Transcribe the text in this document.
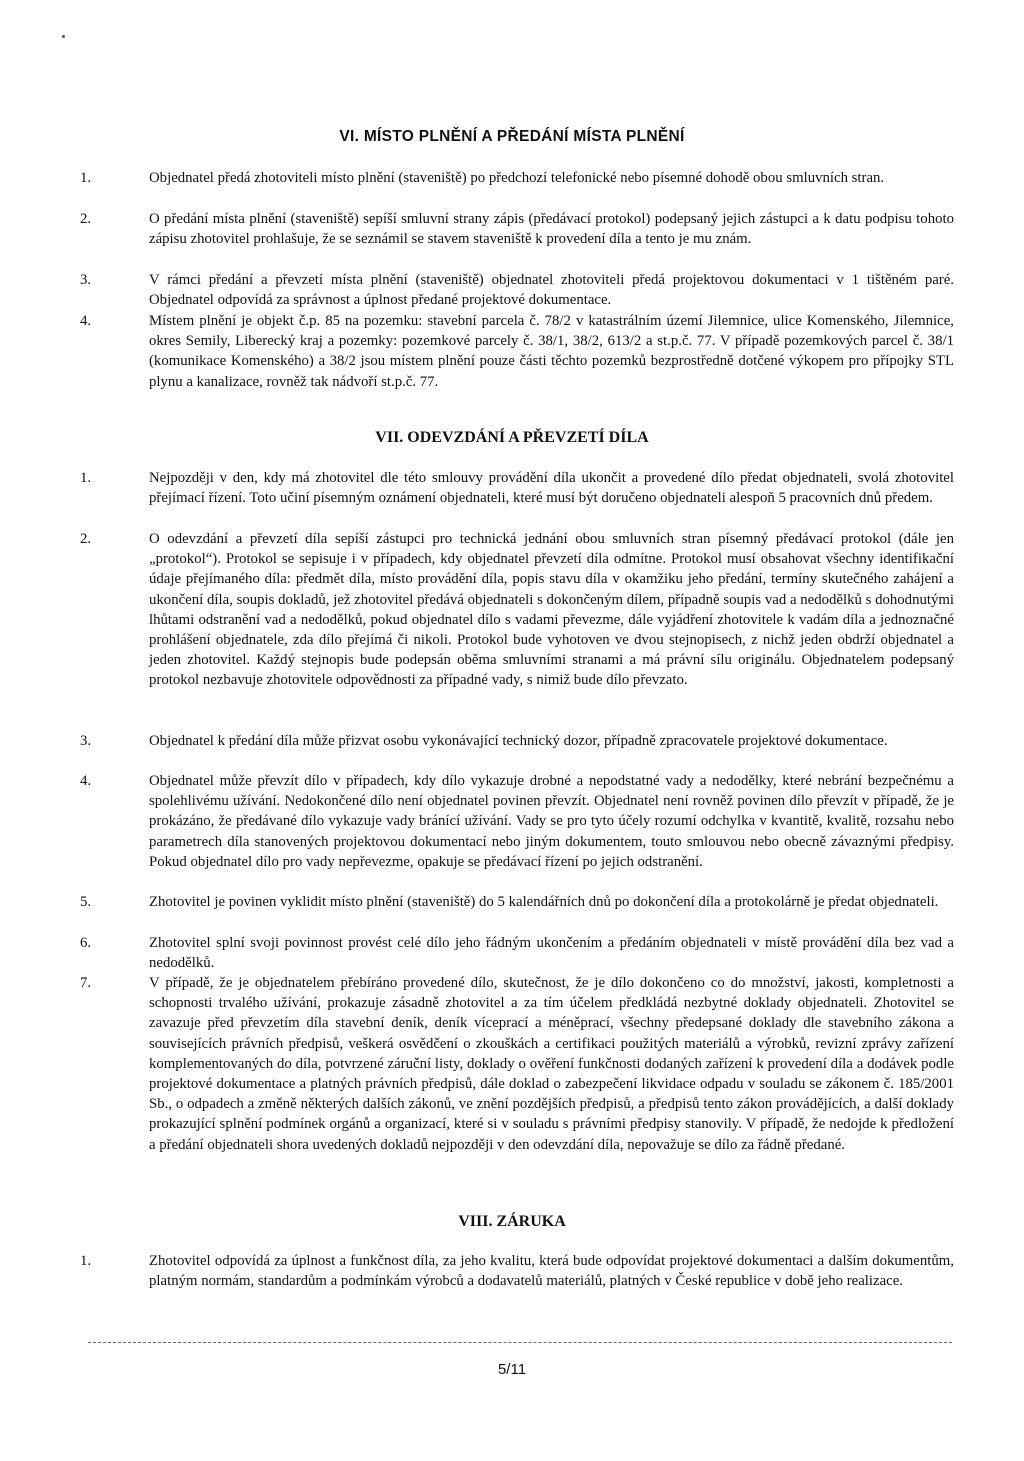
VI. MÍSTO PLNĚNÍ A PŘEDÁNÍ MÍSTA PLNĚNÍ
1.	Objednatel předá zhotoviteli místo plnění (staveniště) po předchozí telefonické nebo písemné dohodě obou smluvních stran.
2.	O předání místa plnění (staveniště) sepíší smluvní strany zápis (předávací protokol) podepsaný jejich zástupci a k datu podpisu tohoto zápisu zhotovitel prohlašuje, že se seznámil se stavem staveniště k provedení díla a tento je mu znám.
3.	V rámci předání a převzetí místa plnění (staveniště) objednatel zhotoviteli předá projektovou dokumentaci v 1 tištěném paré. Objednatel odpovídá za správnost a úplnost předané projektové dokumentace.
4.	Místem plnění je objekt č.p. 85 na pozemku: stavební parcela č. 78/2 v katastrálním území Jilemnice, ulice Komenského, Jilemnice, okres Semily, Liberecký kraj a pozemky: pozemkové parcely č. 38/1, 38/2, 613/2 a st.p.č. 77. V případě pozemkových parcel č. 38/1 (komunikace Komenského) a 38/2 jsou místem plnění pouze části těchto pozemků bezprostředně dotčené výkopem pro přípojky STL plynu a kanalizace, rovněž tak nádvoří st.p.č. 77.
VII. ODEVZDÁNÍ A PŘEVZETÍ DÍLA
1.	Nejpozději v den, kdy má zhotovitel dle této smlouvy provádění díla ukončit a provedené dílo předat objednateli, svolá zhotovitel přejímací řízení. Toto učiní písemným oznámení objednateli, které musí být doručeno objednateli alespoň 5 pracovních dnů předem.
2.	O odevzdání a převzetí díla sepíší zástupci pro technická jednání obou smluvních stran písemný předávací protokol (dále jen „protokol“). Protokol se sepisuje i v případech, kdy objednatel převzetí díla odmítne. Protokol musí obsahovat všechny identifikační údaje přejímaného díla: předmět díla, místo provádění díla, popis stavu díla v okamžiku jeho předání, termíny skutečného zahájení a ukončení díla, soupis dokladů, jež zhotovitel předává objednateli s dokončeným dílem, případně soupis vad a nedodělků s dohodnutými lhůtami odstranění vad a nedodělků, pokud objednatel dílo s vadami převezme, dále vyjádření zhotovitele k vadám díla a jednoznačné prohlášení objednatele, zda dílo přejímá či nikoli. Protokol bude vyhotoven ve dvou stejnopisech, z nichž jeden obdrží objednatel a jeden zhotovitel. Každý stejnopis bude podepsán oběma smluvními stranami a má právní sílu originálu. Objednatelem podepsaný protokol nezbavuje zhotovitele odpovědnosti za případné vady, s nimiž bude dílo převzato.
3.	Objednatel k předání díla může přizvat osobu vykonávající technický dozor, případně zpracovatele projektové dokumentace.
4.	Objednatel může převzít dílo v případech, kdy dílo vykazuje drobné a nepodstatné vady a nedodělky, které nebrání bezpečnému a spolehlivému užívání. Nedokončené dílo není objednatel povinen převzít. Objednatel není rovněž povinen dílo převzít v případě, že je prokázáno, že předávané dílo vykazuje vady bránící užívání. Vady se pro tyto účely rozumí odchylka v kvantitě, kvalitě, rozsahu nebo parametrech díla stanovených projektovou dokumentací nebo jiným dokumentem, touto smlouvou nebo obecně závaznými předpisy. Pokud objednatel dílo pro vady nepřevezme, opakuje se předávací řízení po jejich odstranění.
5.	Zhotovitel je povinen vyklidit místo plnění (staveniště) do 5 kalendářních dnů po dokončení díla a protokolárně je předat objednateli.
6.	Zhotovitel splní svoji povinnost provést celé dílo jeho řádným ukončením a předáním objednateli v místě provádění díla bez vad a nedodělků.
7.	V případě, že je objednatelem přebíráno provedené dílo, skutečnost, že je dílo dokončeno co do množství, jakosti, kompletnosti a schopnosti trvalého užívání, prokazuje zásadně zhotovitel a za tím účelem předkládá nezbytné doklady objednateli. Zhotovitel se zavazuje před převzetím díla stavební deník, deník víceprací a méněprací, všechny předepsané doklady dle stavebního zákona a souvisejících právních předpisů, veškerá osvědčení o zkouškách a certifikaci použitých materiálů a výrobků, revizní zprávy zařízení komplementovaných do díla, potvrzené záruční listy, doklady o ověření funkčnosti dodaných zařízení k provedení díla a dodávek podle projektové dokumentace a platných právních předpisů, dále doklad o zabezpečení likvidace odpadu v souladu se zákonem č. 185/2001 Sb., o odpadech a změně některých dalších zákonů, ve znění pozdějších předpisů, a předpisů tento zákon provádějících, a další doklady prokazující splnění podmínek orgánů a organizací, které si v souladu s právními předpisy stanovily. V případě, že nedojde k předložení a předání objednateli shora uvedených dokladů nejpozději v den odevzdání díla, nepovažuje se dílo za řádně předané.
VIII. ZÁRUKA
1.	Zhotovitel odpovídá za úplnost a funkčnost díla, za jeho kvalitu, která bude odpovídat projektové dokumentaci a dalším dokumentům, platným normám, standardům a podmínkám výrobců a dodavatelů materiálů, platných v České republice v době jeho realizace.
5/11
